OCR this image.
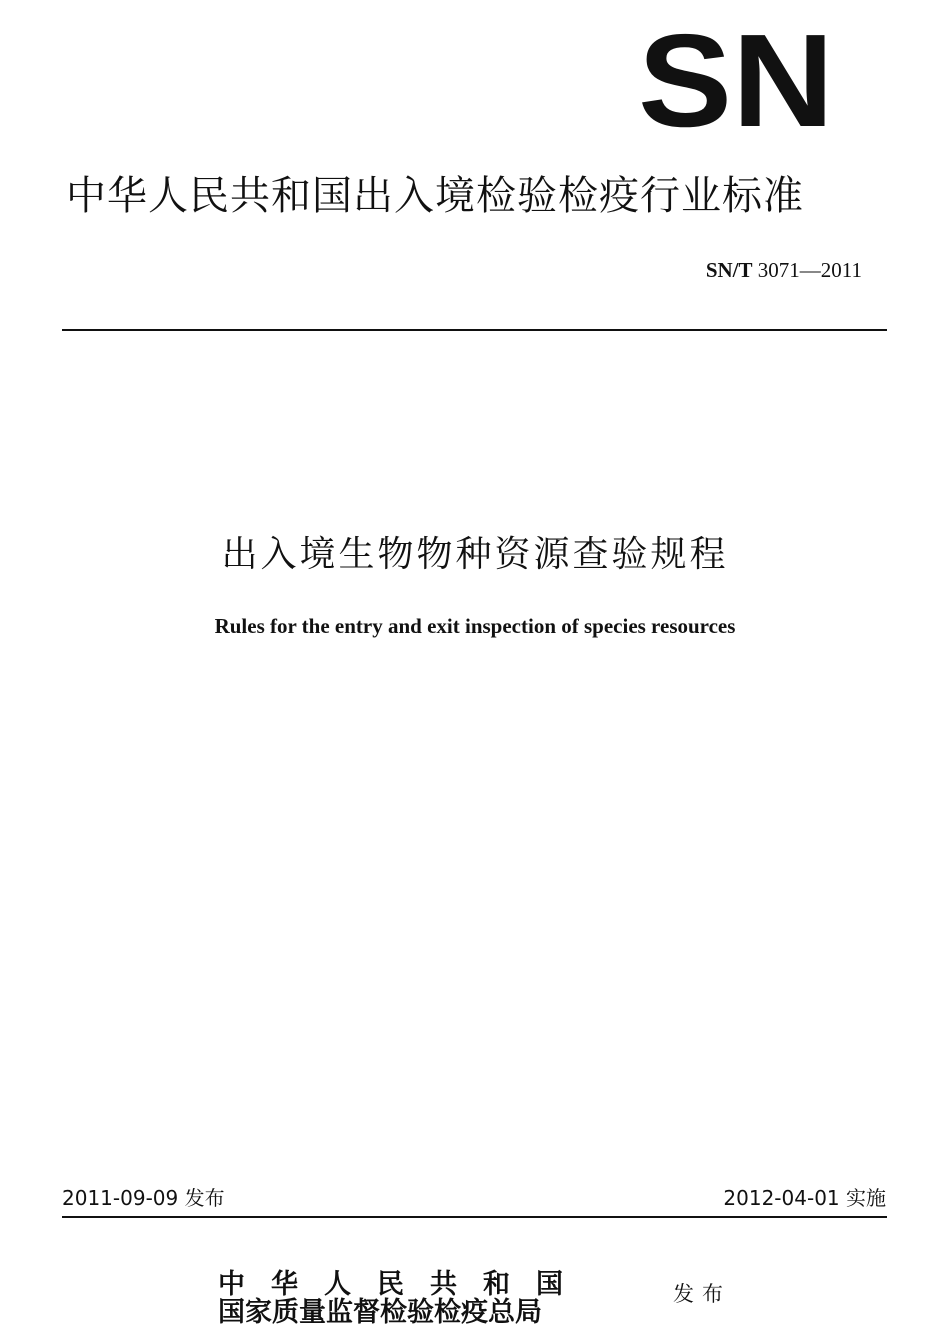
SN
中华人民共和国出入境检验检疫行业标准
SN/T 3071—2011
出入境生物物种资源查验规程
Rules for the entry and exit inspection of species resources
2011-09-09 发布	2012-04-01 实施
中华人民共和国
国家质量监督检验检疫总局
发布
